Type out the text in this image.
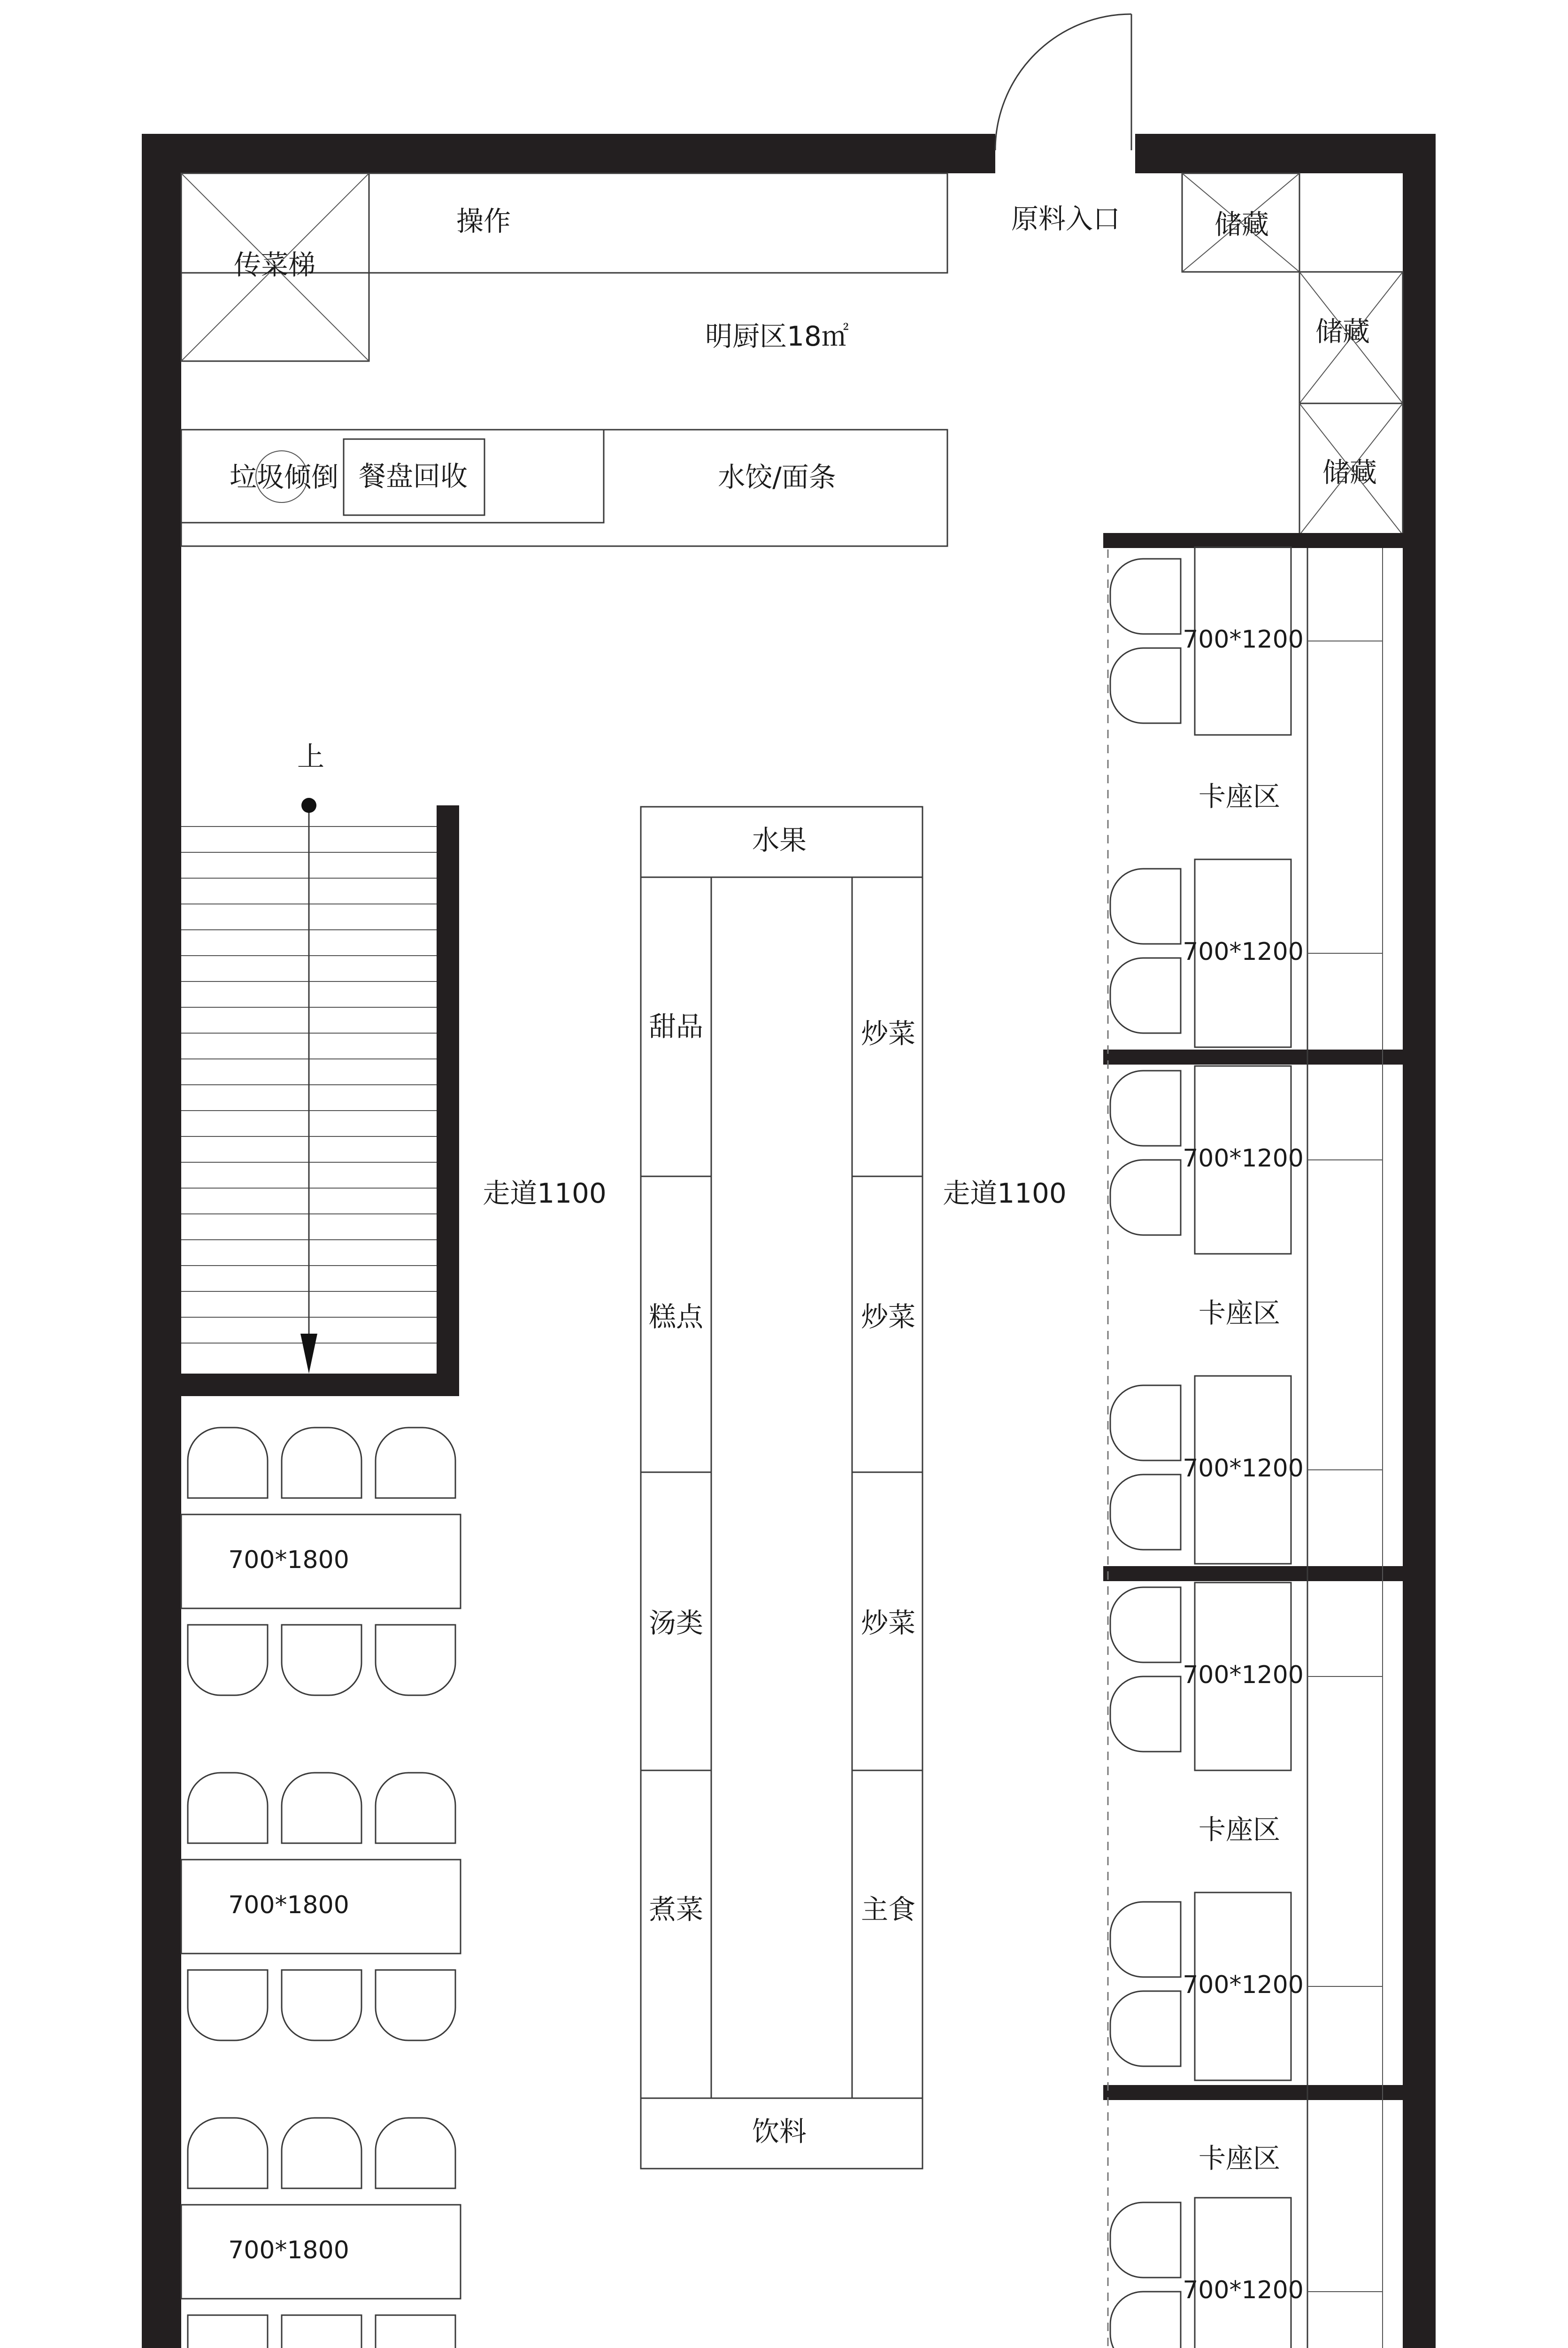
传菜梯
操作	原料入口	储藏
储藏
储藏
明厨区18㎡
垃圾倾倒 餐盘回收	水饺/面条
上
走道1100	走道1100
水果
饮料
甜品
糕点
汤类
煮菜
炒菜
炒菜
炒菜
主食
700*1200
700*1200
700*1200
700*1200
700*1200
700*1200
700*1200
卡座区
卡座区
卡座区
卡座区
700*1800
700*1800
700*1800
